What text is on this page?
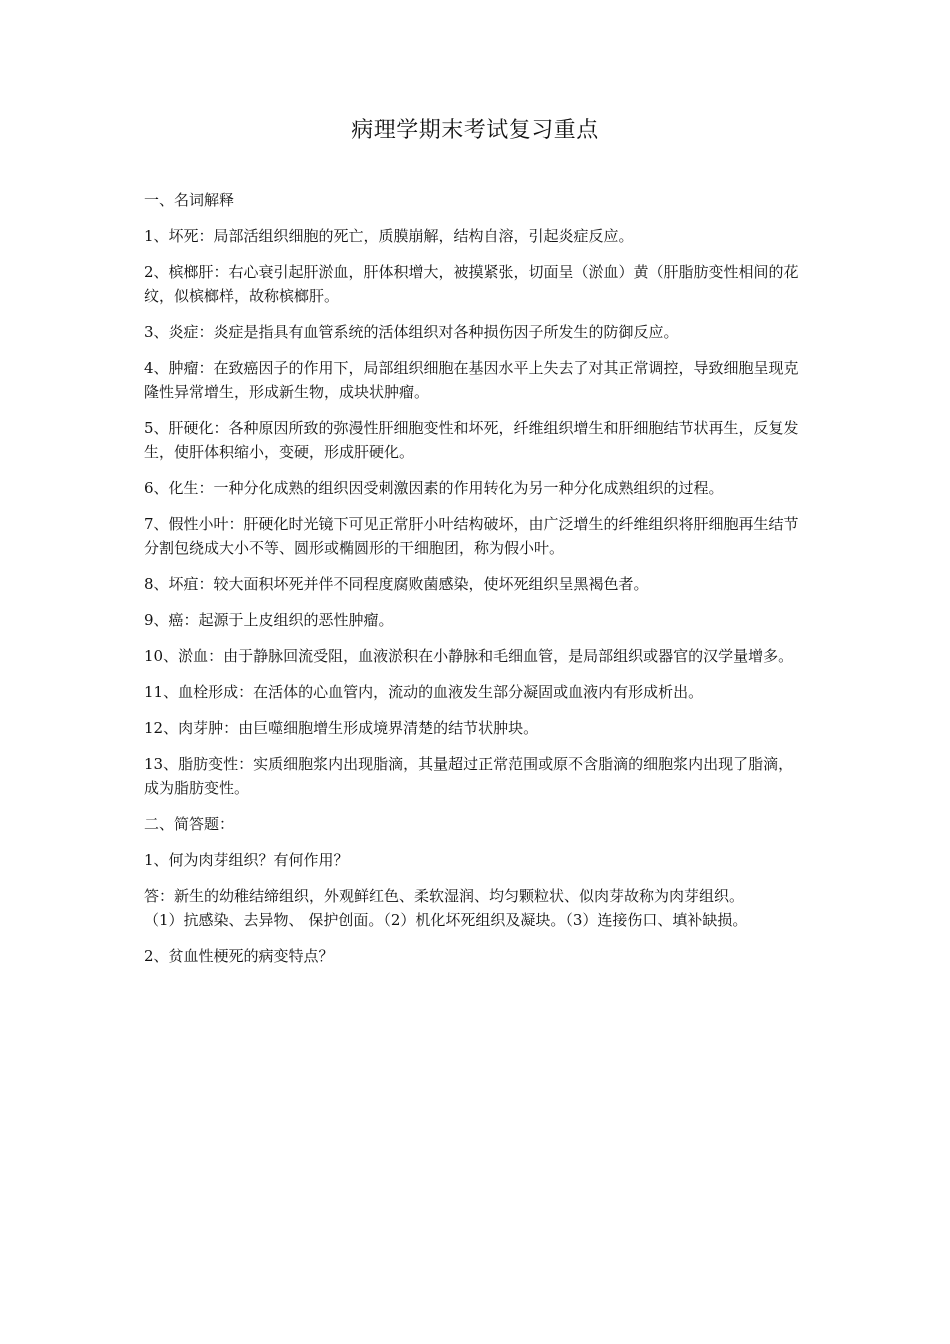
病理学期末考试复习重点
一、名词解释
1、坏死：局部活组织细胞的死亡，质膜崩解，结构自溶，引起炎症反应。
2、槟榔肝：右心衰引起肝淤血，肝体积增大，被摸紧张，切面呈（淤血）黄（肝脂肪变性相间的花纹，似槟榔样，故称槟榔肝。
3、炎症：炎症是指具有血管系统的活体组织对各种损伤因子所发生的防御反应。
4、肿瘤：在致癌因子的作用下，局部组织细胞在基因水平上失去了对其正常调控，导致细胞呈现克隆性异常增生，形成新生物，成块状肿瘤。
5、肝硬化：各种原因所致的弥漫性肝细胞变性和坏死，纤维组织增生和肝细胞结节状再生，反复发生，使肝体积缩小，变硬，形成肝硬化。
6、化生：一种分化成熟的组织因受刺激因素的作用转化为另一种分化成熟组织的过程。
7、假性小叶：肝硬化时光镜下可见正常肝小叶结构破坏，由广泛增生的纤维组织将肝细胞再生结节分割包绕成大小不等、圆形或椭圆形的干细胞团，称为假小叶。
8、坏疽：较大面积坏死并伴不同程度腐败菌感染，使坏死组织呈黑褐色者。
9、癌：起源于上皮组织的恶性肿瘤。
10、淤血：由于静脉回流受阻，血液淤积在小静脉和毛细血管，是局部组织或器官的汉学量增多。
11、血栓形成：在活体的心血管内，流动的血液发生部分凝固或血液内有形成析出。
12、肉芽肿：由巨噬细胞增生形成境界清楚的结节状肿块。
13、脂肪变性：实质细胞浆内出现脂滴，其量超过正常范围或原不含脂滴的细胞浆内出现了脂滴，成为脂肪变性。
二、简答题：
1、何为肉芽组织？有何作用？
答：新生的幼稚结缔组织，外观鲜红色、柔软湿润、均匀颗粒状、似肉芽故称为肉芽组织。
（1）抗感染、去异物、 保护创面。（2）机化坏死组织及凝块。（3）连接伤口、填补缺损。
2、贫血性梗死的病变特点？
